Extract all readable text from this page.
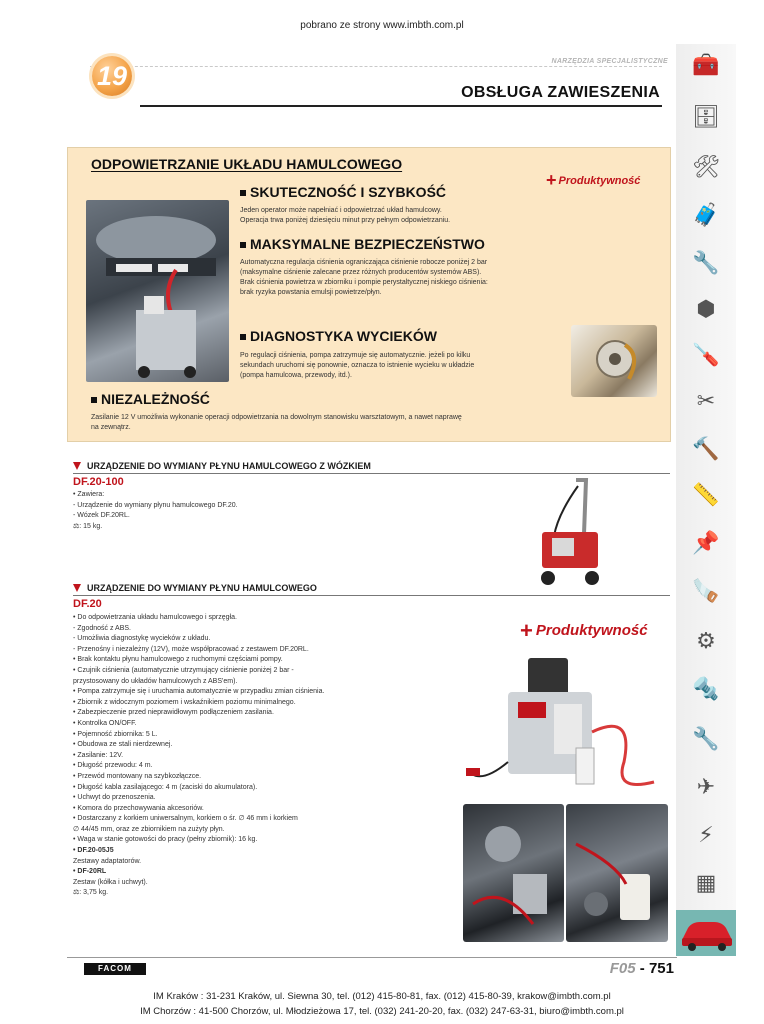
pobrano ze strony www.imbth.com.pl
NARZĘDZIA SPECJALISTYCZNE
19
OBSŁUGA ZAWIESZENIA
ODPOWIETRZANIE UKŁADU HAMULCOWEGO
+ Produktywność
SKUTECZNOŚĆ I SZYBKOŚĆ
Jeden operator może napełniać i odpowietrzać układ hamulcowy.
Operacja trwa poniżej dziesięciu minut przy pełnym odpowietrzaniu.
MAKSYMALNE BEZPIECZEŃSTWO
Automatyczna regulacja ciśnienia ograniczająca ciśnienie robocze poniżej 2 bar
(maksymalne ciśnienie zalecane przez różnych producentów systemów ABS).
Brak ciśnienia powietrza w zbiorniku i pompie perystaltycznej niskiego ciśnienia:
brak ryzyka powstania emulsji powietrze/płyn.
DIAGNOSTYKA WYCIEKÓW
Po regulacji ciśnienia, pompa zatrzymuje się automatycznie. jeżeli po kilku
sekundach uruchomi się ponownie, oznacza to istnienie wycieku w układzie
(pompa hamulcowa, przewody, itd.).
NIEZALEŻNOŚĆ
Zasilanie 12 V umożliwia wykonanie operacji odpowietrzania na dowolnym stanowisku warsztatowym, a nawet naprawę
na zewnątrz.
URZĄDZENIE DO WYMIANY PŁYNU HAMULCOWEGO Z WÓZKIEM
DF.20-100
• Zawiera:
- Urządzenie do wymiany płynu hamulcowego DF.20.
- Wózek DF.20RL.
⚖: 15 kg.
URZĄDZENIE DO WYMIANY PŁYNU HAMULCOWEGO
DF.20
+ Produktywność
• Do odpowietrzania układu hamulcowego i sprzęgła.
- Zgodność z ABS.
- Umożliwia diagnostykę wycieków z układu.
- Przenośny i niezależny (12V), może współpracować z zestawem DF.20RL.
• Brak kontaktu płynu hamulcowego z ruchomymi częściami pompy.
• Czujnik ciśnienia (automatycznie utrzymujący ciśnienie poniżej 2 bar -
przystosowany do układów hamulcowych z ABS'em).
• Pompa zatrzymuje się i uruchamia automatycznie w przypadku zmian ciśnienia.
• Zbiornik z widocznym poziomem i wskaźnikiem poziomu minimalnego.
• Zabezpieczenie przed nieprawidłowym podłączeniem zasilania.
• Kontrolka ON/OFF.
• Pojemność zbiornika: 5 L.
• Obudowa ze stali nierdzewnej.
• Zasilanie: 12V.
• Długość przewodu: 4 m.
• Przewód montowany na szybkozłączce.
• Długość kabla zasilającego: 4 m (zaciski do akumulatora).
• Uchwyt do przenoszenia.
• Komora do przechowywania akcesoriów.
• Dostarczany z korkiem uniwersalnym, korkiem o śr. ∅ 46 mm i korkiem
∅ 44/45 mm, oraz ze zbiornikiem na zużyty płyn.
• Waga w stanie gotowości do pracy (pełny zbiornik): 16 kg.
• DF.20-05J5
Zestawy adaptatorów.
• DF-20RL
Zestaw (kółka i uchwyt).
⚖: 3,75 kg.
🧰
🗄
🛠
🧳
🔧
⬢
🪛
✂
🔨
📏
📌
🪚
⚙
🔩
🔧
✈
⚡
▦
FACOM	F05 - 751
IM Kraków : 31-231 Kraków, ul. Siewna 30, tel. (012) 415-80-81, fax. (012) 415-80-39, krakow@imbth.com.pl
IM Chorzów : 41-500 Chorzów, ul. Młodzieżowa 17, tel. (032) 241-20-20, fax. (032) 247-63-31, biuro@imbth.com.pl
